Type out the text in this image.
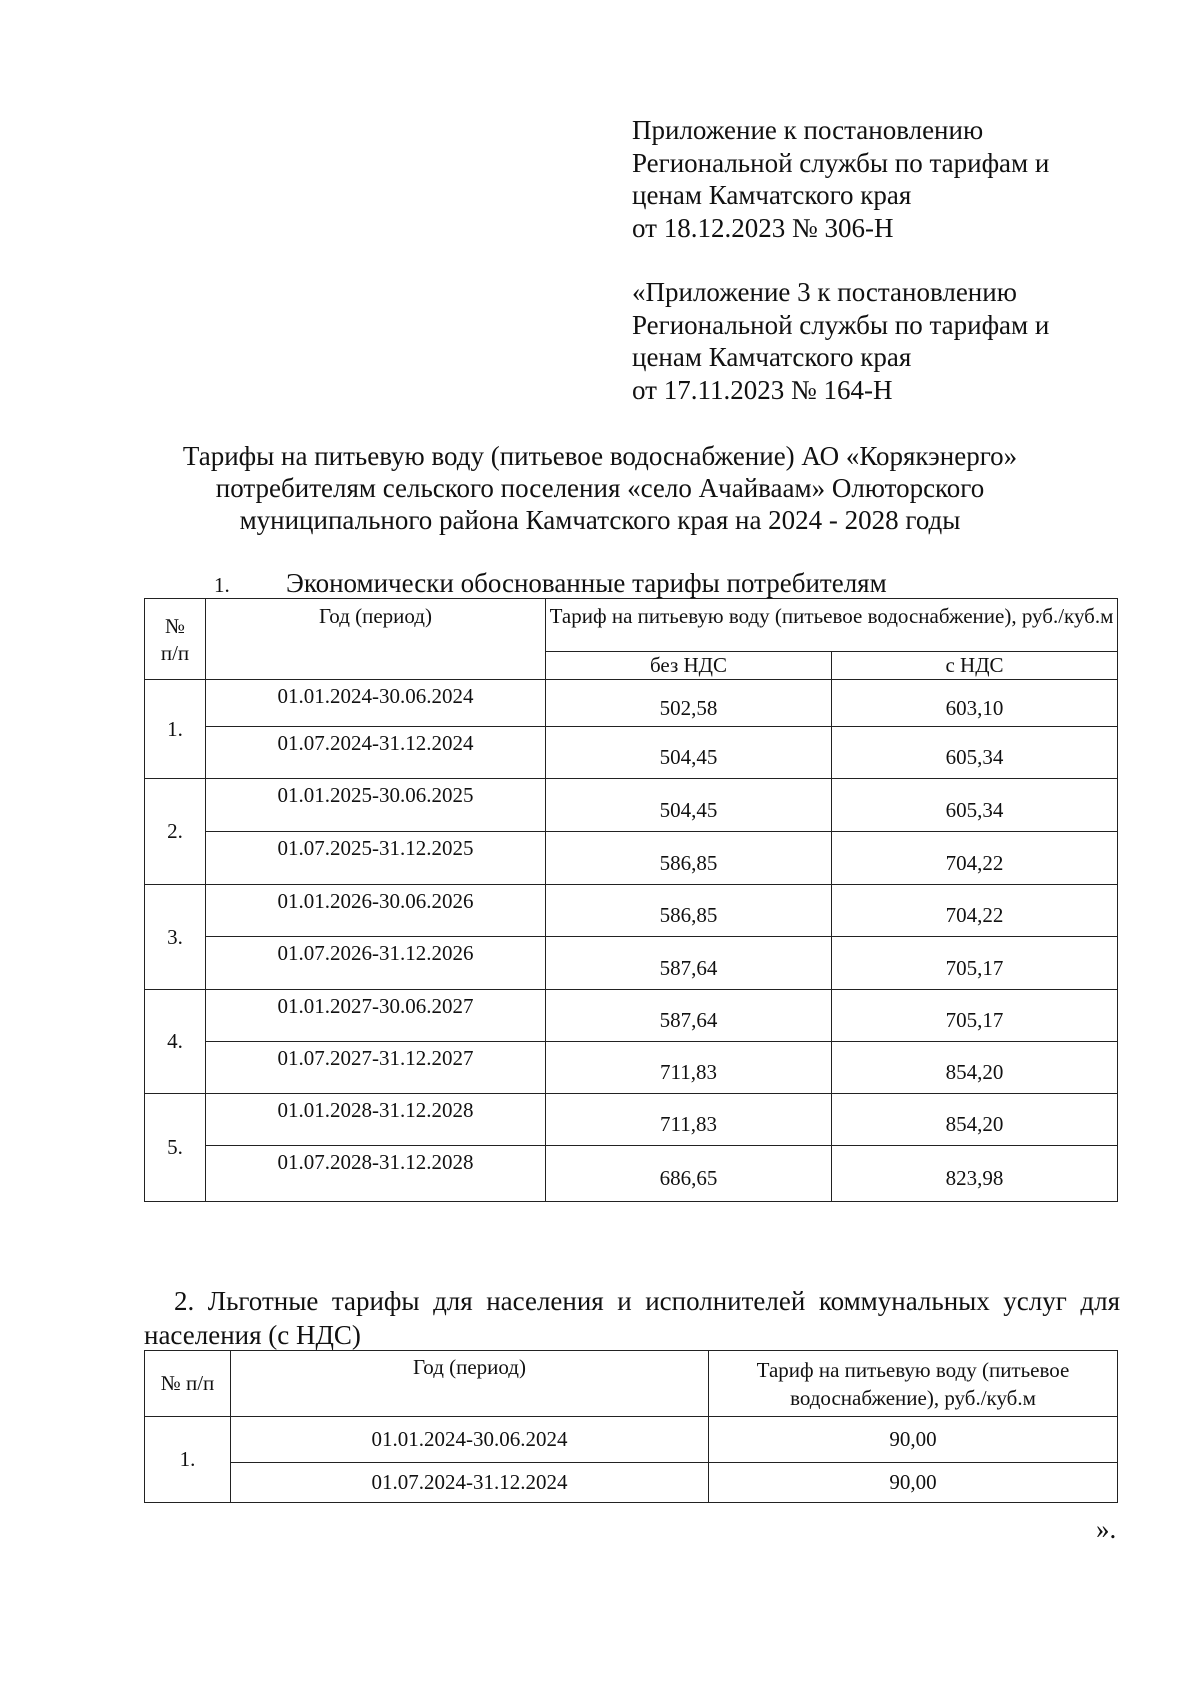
Приложение к постановлению
Региональной службы по тарифам и
ценам Камчатского края
от 18.12.2023 № 306-Н
«Приложение 3 к постановлению
Региональной службы по тарифам и
ценам Камчатского края
от 17.11.2023 № 164-Н
Тарифы на питьевую воду (питьевое водоснабжение) АО «Корякэнерго»
потребителям сельского поселения «село Ачайваам» Олюторского
муниципального района Камчатского края на 2024 - 2028 годы
1. Экономически обоснованные тарифы потребителям
№
п/п	Год (период)	Тариф на питьевую воду (питьевое водоснабжение), руб./куб.м	
		без НДС	с НДС
1.	01.01.2024-30.06.2024	502,58	603,10
	01.07.2024-31.12.2024	504,45	605,34
2.	01.01.2025-30.06.2025	504,45	605,34
	01.07.2025-31.12.2025	586,85	704,22
3.	01.01.2026-30.06.2026	586,85	704,22
	01.07.2026-31.12.2026	587,64	705,17
4.	01.01.2027-30.06.2027	587,64	705,17
	01.07.2027-31.12.2027	711,83	854,20
5.	01.01.2028-31.12.2028	711,83	854,20
	01.07.2028-31.12.2028	686,65	823,98
2. Льготные тарифы для населения и исполнителей коммунальных услуг для
населения (с НДС)
№ п/п	Год (период)	Тариф на питьевую воду (питьевое водоснабжение), руб./куб.м
1.	01.01.2024-30.06.2024	90,00
	01.07.2024-31.12.2024	90,00
».
